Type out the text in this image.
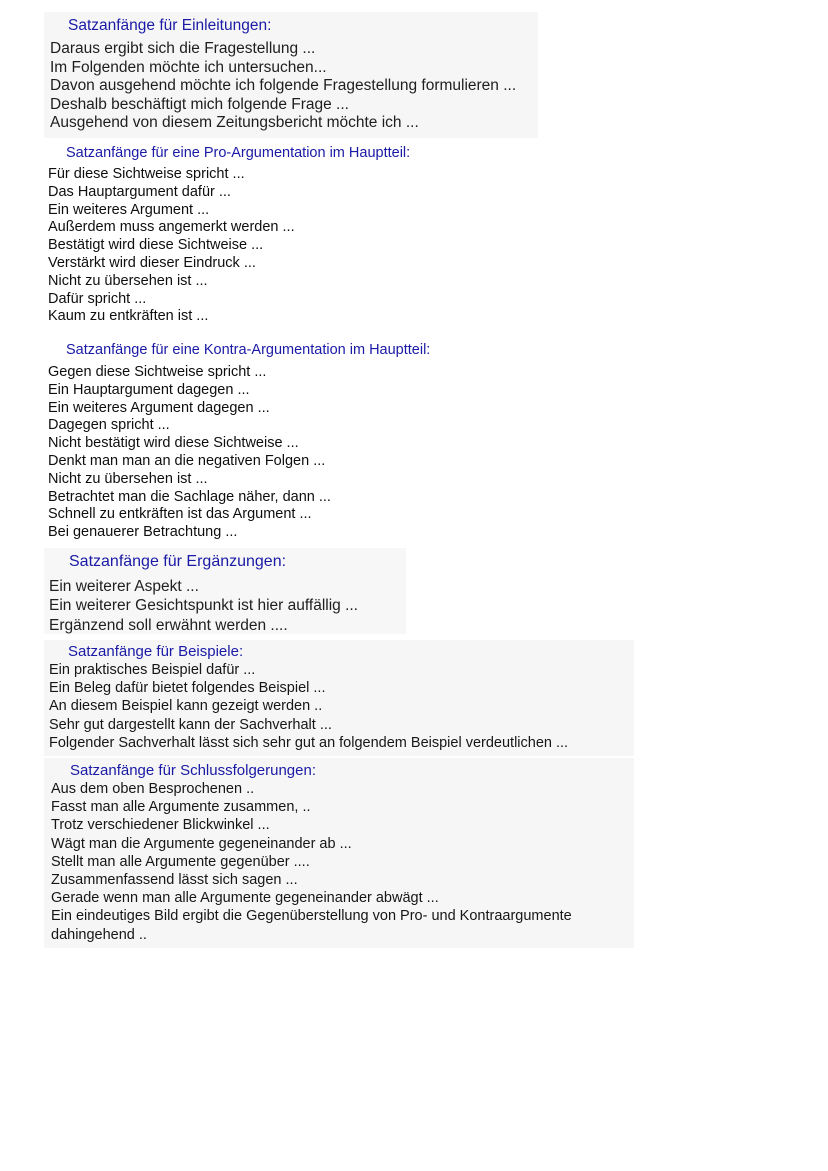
Satzanfänge für Einleitungen:
Daraus ergibt sich die Fragestellung ...
Im Folgenden möchte ich untersuchen...
Davon ausgehend möchte ich folgende Fragestellung formulieren ...
Deshalb beschäftigt mich folgende Frage ...
Ausgehend von diesem Zeitungsbericht möchte ich ...
Satzanfänge für eine Pro-Argumentation im Hauptteil:
Für diese Sichtweise spricht ...
Das Hauptargument dafür ...
Ein weiteres Argument ...
Außerdem muss angemerkt werden ...
Bestätigt wird diese Sichtweise ...
Verstärkt wird dieser Eindruck ...
Nicht zu übersehen ist ...
Dafür spricht ...
Kaum zu entkräften ist ...
Satzanfänge für eine Kontra-Argumentation im Hauptteil:
Gegen diese Sichtweise spricht ...
Ein Hauptargument dagegen ...
Ein weiteres Argument dagegen ...
Dagegen spricht ...
Nicht bestätigt wird diese Sichtweise ...
Denkt man man an die negativen Folgen ...
Nicht zu übersehen ist ...
Betrachtet man die Sachlage näher, dann ...
Schnell zu entkräften ist das Argument ...
Bei genauerer Betrachtung ...
Satzanfänge für Ergänzungen:
Ein weiterer Aspekt ...
Ein weiterer Gesichtspunkt ist hier auffällig ...
Ergänzend soll erwähnt werden ....
Satzanfänge für Beispiele:
Ein praktisches Beispiel dafür ...
Ein Beleg dafür bietet folgendes Beispiel ...
An diesem Beispiel kann gezeigt werden ..
Sehr gut dargestellt kann der Sachverhalt ...
Folgender Sachverhalt lässt sich sehr gut an folgendem Beispiel verdeutlichen ...
Satzanfänge für Schlussfolgerungen:
Aus dem oben Besprochenen ..
Fasst man alle Argumente zusammen, ..
Trotz verschiedener Blickwinkel ...
Wägt man die Argumente gegeneinander ab ...
Stellt man alle Argumente gegenüber ....
Zusammenfassend lässt sich sagen ...
Gerade wenn man alle Argumente gegeneinander abwägt ...
Ein eindeutiges Bild ergibt die Gegenüberstellung von Pro- und Kontraargumente
dahingehend ..
